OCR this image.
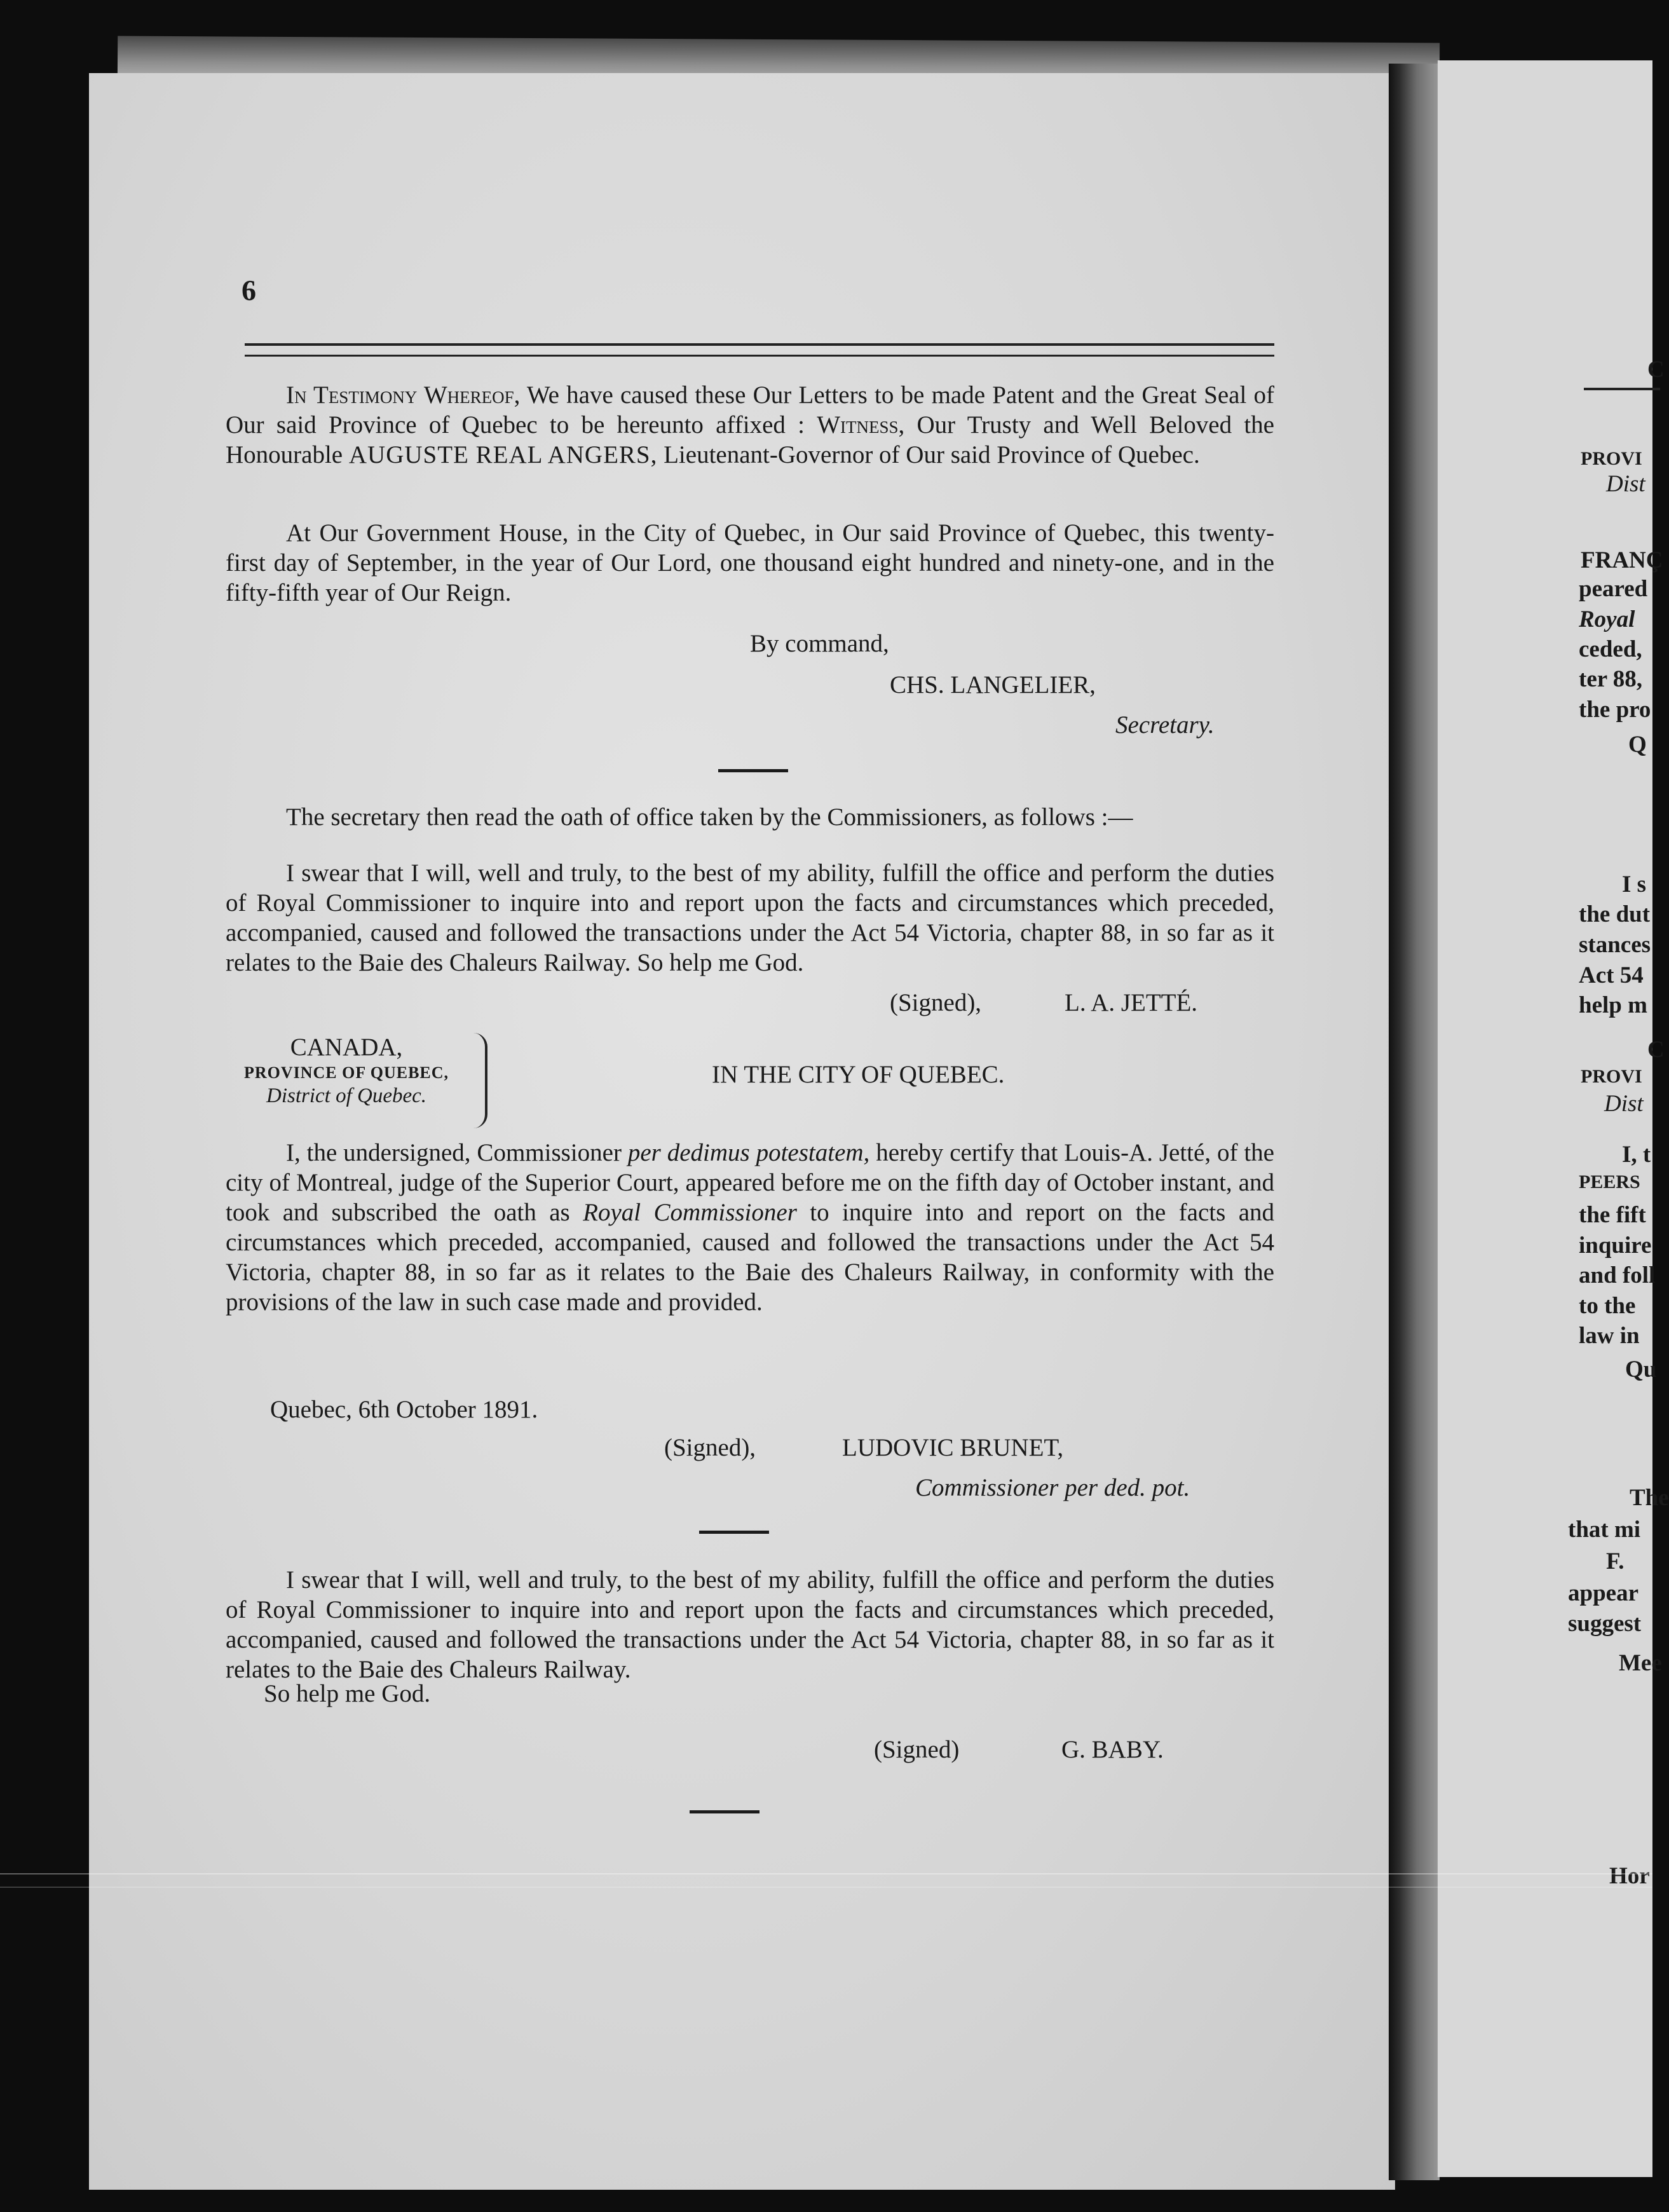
C
PROVI
Dist
FRANÇ
peared
Royal
ceded,
ter 88,
the pro
Q
I s
the dut
stances
Act 54
help m
C
PROVI
Dist
I, t
PEERS
the fift
inquire
and foll
to the
law in
Qu
The
that mi
F.
appear
suggest
Mee
Hor
6

In Testimony Whereof, We have caused these Our Letters to be made Patent and the Great Seal of Our said Province of Quebec to be hereunto affixed : Witness, Our Trusty and Well Beloved the Honourable AUGUSTE REAL ANGERS, Lieutenant-Governor of Our said Province of Quebec.

At Our Government House, in the City of Quebec, in Our said Province of Quebec, this twenty-first day of September, in the year of Our Lord, one thousand eight hundred and ninety-one, and in the fifty-fifth year of Our Reign.

By command,
CHS. LANGELIER,
Secretary.

The secretary then read the oath of office taken by the Commissioners, as follows :—

I swear that I will, well and truly, to the best of my ability, fulfill the office and perform the duties of Royal Commissioner to inquire into and report upon the facts and circumstances which preceded, accompanied, caused and followed the transactions under the Act 54 Victoria, chapter 88, in so far as it relates to the Baie des Chaleurs Railway. So help me God.

(Signed),	L. A. JETTÉ.
CANADA,
PROVINCE OF QUEBEC,
District of Quebec.
IN THE CITY OF QUEBEC.

I, the undersigned, Commissioner per dedimus potestatem, hereby certify that Louis-A. Jetté, of the city of Montreal, judge of the Superior Court, appeared before me on the fifth day of October instant, and took and subscribed the oath as Royal Commissioner to inquire into and report on the facts and circumstances which preceded, accompanied, caused and followed the transactions under the Act 54 Victoria, chapter 88, in so far as it relates to the Baie des Chaleurs Railway, in conformity with the provisions of the law in such case made and provided.

Quebec, 6th October 1891.
(Signed),	LUDOVIC BRUNET,
Commissioner per ded. pot.

I swear that I will, well and truly, to the best of my ability, fulfill the office and perform the duties of Royal Commissioner to inquire into and report upon the facts and circumstances which preceded, accompanied, caused and followed the transactions under the Act 54 Victoria, chapter 88, in so far as it relates to the Baie des Chaleurs Railway.

So help me God.
(Signed)	G. BABY.
